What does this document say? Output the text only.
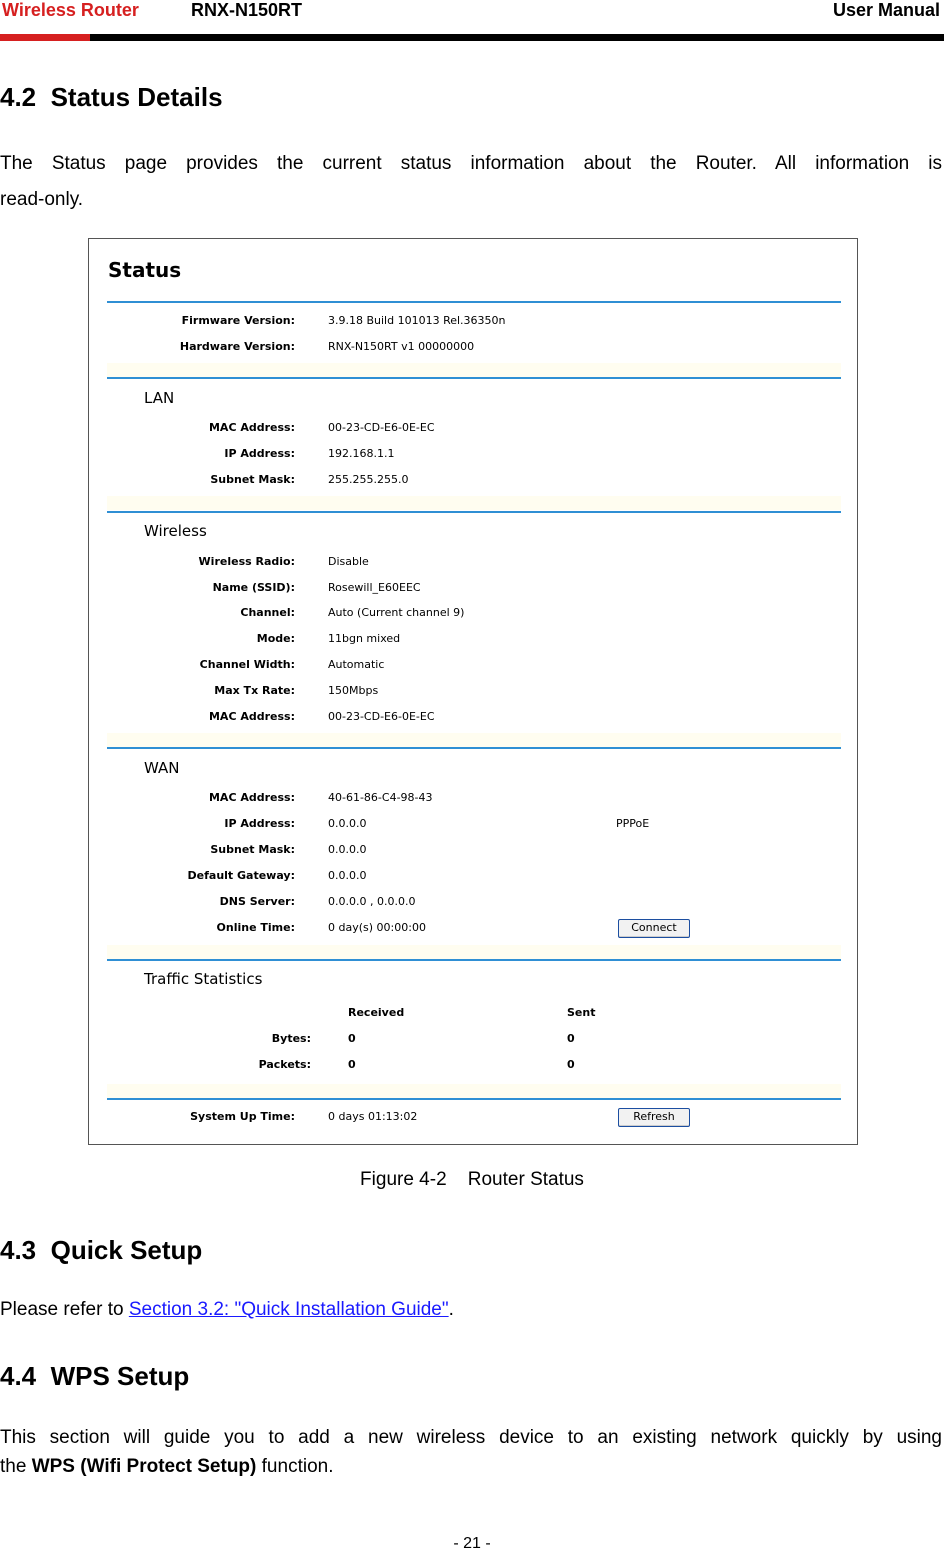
Wireless Router	RNX-N150RT	User Manual
4.2  Status Details
The Status page provides the current status information about the Router. All information is
read-only.
Status
Firmware Version:	3.9.18 Build 101013 Rel.36350n
Hardware Version:	RNX-N150RT v1 00000000
LAN
MAC Address:	00-23-CD-E6-0E-EC
IP Address:	192.168.1.1
Subnet Mask:	255.255.255.0
Wireless
Wireless Radio:	Disable
Name (SSID):	Rosewill_E60EEC
Channel:	Auto (Current channel 9)
Mode:	11bgn mixed
Channel Width:	Automatic
Max Tx Rate:	150Mbps
MAC Address:	00-23-CD-E6-0E-EC
WAN
MAC Address:	40-61-86-C4-98-43
IP Address:	0.0.0.0	PPPoE
Subnet Mask:	0.0.0.0
Default Gateway:	0.0.0.0
DNS Server:	0.0.0.0 , 0.0.0.0
Online Time:	0 day(s) 00:00:00	Connect
Traffic Statistics
Received	Sent
Bytes:	0	0
Packets:	0	0
System Up Time:	0 days 01:13:02	Refresh
Figure 4-2    Router Status
4.3  Quick Setup
Please refer to Section 3.2: "Quick Installation Guide".
4.4  WPS Setup
This section will guide you to add a new wireless device to an existing network quickly by using
the WPS (Wifi Protect Setup) function.
- 21 -
